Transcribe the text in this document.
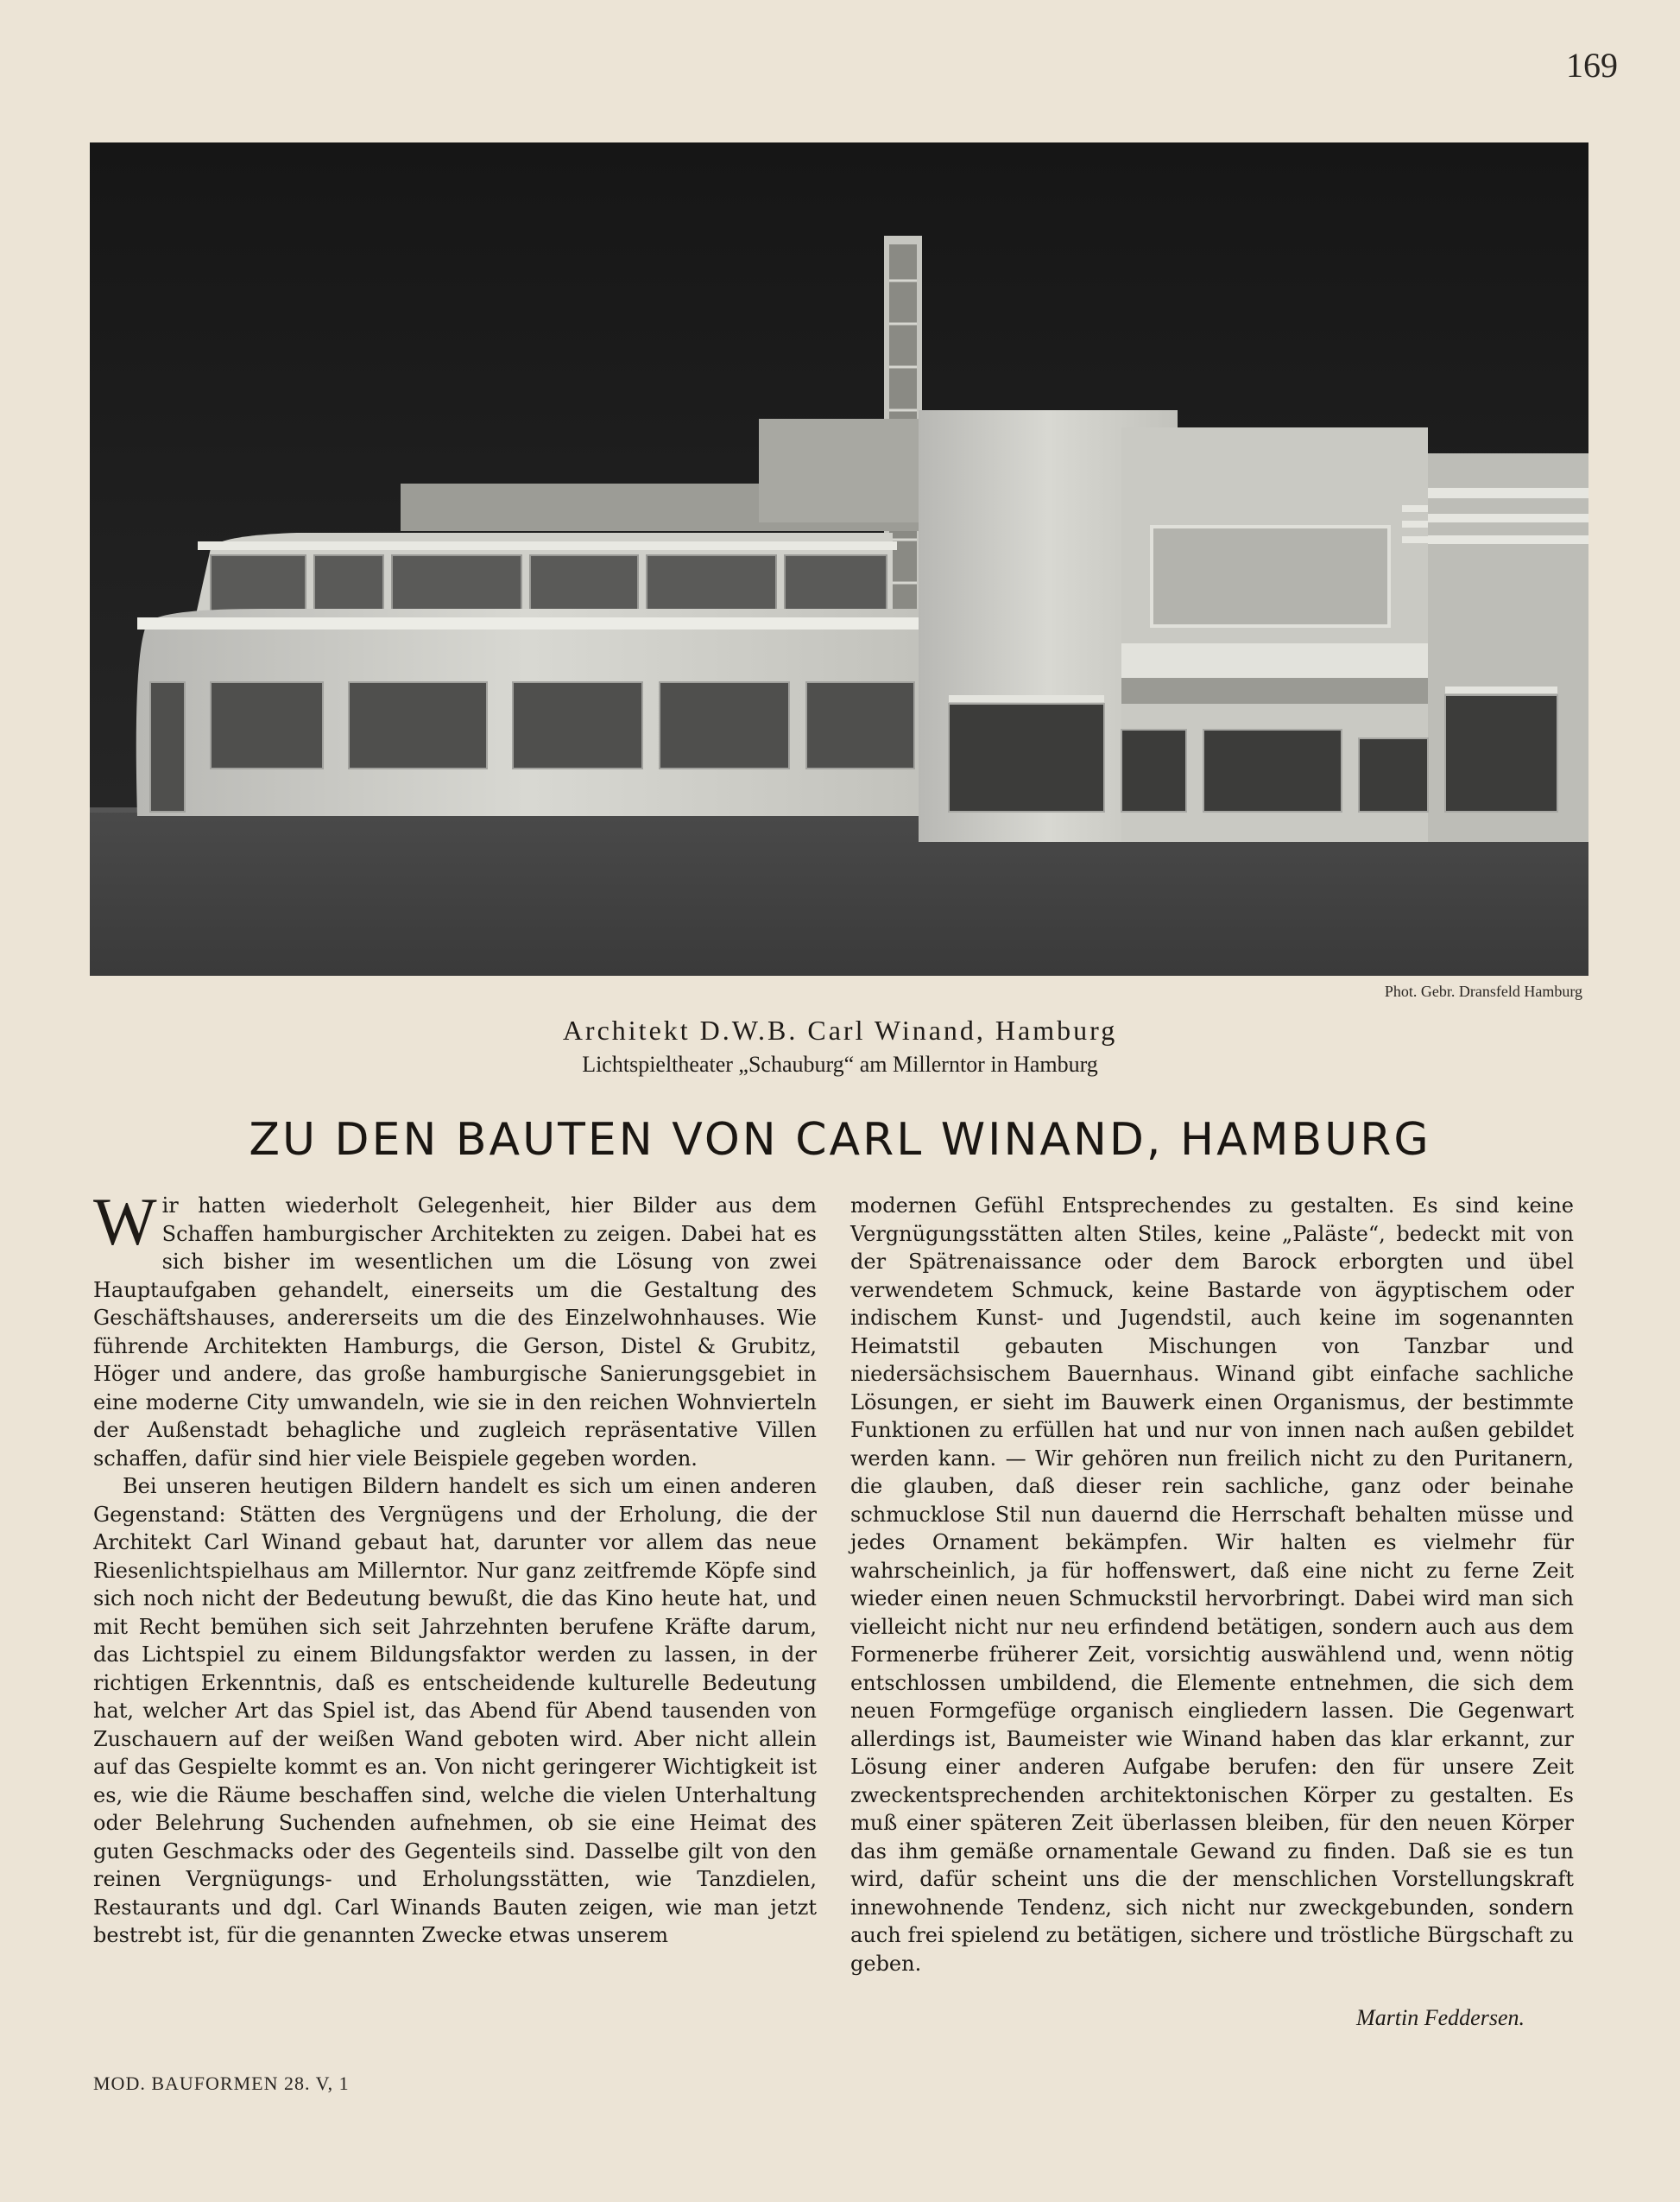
169
Phot. Gebr. Dransfeld Hamburg
Architekt D.W.B. Carl Winand, Hamburg
Lichtspieltheater „Schauburg“ am Millerntor in Hamburg
ZU DEN BAUTEN VON CARL WINAND, HAMBURG

Wir hatten wiederholt Gelegenheit, hier Bilder aus dem Schaffen hamburgischer Architekten zu zeigen. Dabei hat es sich bisher im wesentlichen um die Lösung von zwei Hauptaufgaben gehandelt, einerseits um die Gestaltung des Geschäftshauses, andererseits um die des Einzelwohnhauses. Wie führende Architekten Hamburgs, die Gerson, Distel & Grubitz, Höger und andere, das große hamburgische Sanierungsgebiet in eine moderne City umwandeln, wie sie in den reichen Wohnvierteln der Außenstadt behagliche und zugleich repräsentative Villen schaffen, dafür sind hier viele Beispiele gegeben worden.

Bei unseren heutigen Bildern handelt es sich um einen anderen Gegenstand: Stätten des Vergnügens und der Erholung, die der Architekt Carl Winand gebaut hat, darunter vor allem das neue Riesenlichtspielhaus am Millerntor. Nur ganz zeitfremde Köpfe sind sich noch nicht der Bedeutung bewußt, die das Kino heute hat, und mit Recht bemühen sich seit Jahrzehnten berufene Kräfte darum, das Lichtspiel zu einem Bildungsfaktor werden zu lassen, in der richtigen Erkenntnis, daß es entscheidende kulturelle Bedeutung hat, welcher Art das Spiel ist, das Abend für Abend tausenden von Zuschauern auf der weißen Wand geboten wird. Aber nicht allein auf das Gespielte kommt es an. Von nicht geringerer Wichtigkeit ist es, wie die Räume beschaffen sind, welche die vielen Unterhaltung oder Belehrung Suchenden aufnehmen, ob sie eine Heimat des guten Geschmacks oder des Gegenteils sind. Dasselbe gilt von den reinen Vergnügungs- und Erholungsstätten, wie Tanzdielen, Restaurants und dgl. Carl Winands Bauten zeigen, wie man jetzt bestrebt ist, für die genannten Zwecke etwas unserem

modernen Gefühl Entsprechendes zu gestalten. Es sind keine Vergnügungsstätten alten Stiles, keine „Paläste“, bedeckt mit von der Spätrenaissance oder dem Barock erborgten und übel verwendetem Schmuck, keine Bastarde von ägyptischem oder indischem Kunst- und Jugendstil, auch keine im sogenannten Heimatstil gebauten Mischungen von Tanzbar und niedersächsischem Bauernhaus. Winand gibt einfache sachliche Lösungen, er sieht im Bauwerk einen Organismus, der bestimmte Funktionen zu erfüllen hat und nur von innen nach außen gebildet werden kann. — Wir gehören nun freilich nicht zu den Puritanern, die glauben, daß dieser rein sachliche, ganz oder beinahe schmucklose Stil nun dauernd die Herrschaft behalten müsse und jedes Ornament bekämpfen. Wir halten es vielmehr für wahrscheinlich, ja für hoffenswert, daß eine nicht zu ferne Zeit wieder einen neuen Schmuckstil hervorbringt. Dabei wird man sich vielleicht nicht nur neu erfindend betätigen, sondern auch aus dem Formenerbe früherer Zeit, vorsichtig auswählend und, wenn nötig entschlossen umbildend, die Elemente entnehmen, die sich dem neuen Formgefüge organisch eingliedern lassen. Die Gegenwart allerdings ist, Baumeister wie Winand haben das klar erkannt, zur Lösung einer anderen Aufgabe berufen: den für unsere Zeit zweckentsprechenden architektonischen Körper zu gestalten. Es muß einer späteren Zeit überlassen bleiben, für den neuen Körper das ihm gemäße ornamentale Gewand zu finden. Daß sie es tun wird, dafür scheint uns die der menschlichen Vorstellungskraft innewohnende Tendenz, sich nicht nur zweckgebunden, sondern auch frei spielend zu betätigen, sichere und tröstliche Bürgschaft zu geben.

Martin Feddersen.
MOD. BAUFORMEN 28. V, 1
